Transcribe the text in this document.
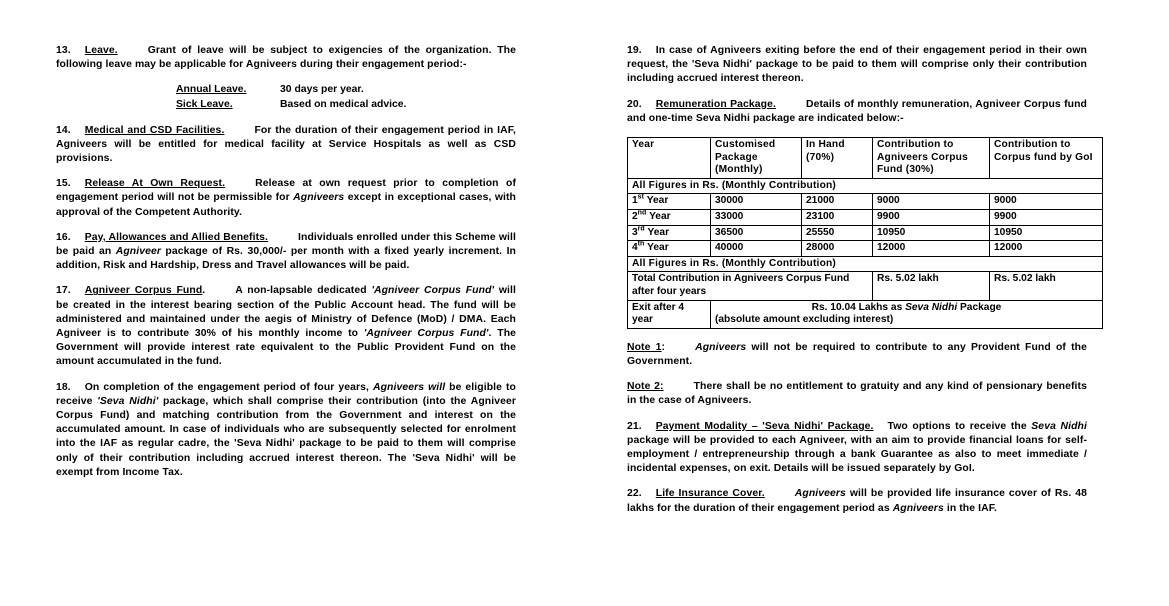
13. Leave.	Grant of leave will be subject to exigencies of the organization. The following leave may be applicable for Agniveers during their engagement period:-

Annual Leave.	30 days per year.
Sick Leave.	Based on medical advice.

14. Medical and CSD Facilities.	For the duration of their engagement period in IAF, Agniveers will be entitled for medical facility at Service Hospitals as well as CSD provisions.

15. Release At Own Request.	Release at own request prior to completion of engagement period will not be permissible for Agniveers except in exceptional cases, with approval of the Competent Authority.

16. Pay, Allowances and Allied Benefits.	Individuals enrolled under this Scheme will be paid an Agniveer package of Rs. 30,000/- per month with a fixed yearly increment. In addition, Risk and Hardship, Dress and Travel allowances will be paid.

17. Agniveer Corpus Fund.	A non-lapsable dedicated 'Agniveer Corpus Fund' will be created in the interest bearing section of the Public Account head. The fund will be administered and maintained under the aegis of Ministry of Defence (MoD) / DMA. Each Agniveer is to contribute 30% of his monthly income to 'Agniveer Corpus Fund'. The Government will provide interest rate equivalent to the Public Provident Fund on the amount accumulated in the fund.

18. On completion of the engagement period of four years, Agniveers will be eligible to receive 'Seva Nidhi' package, which shall comprise their contribution (into the Agniveer Corpus Fund) and matching contribution from the Government and interest on the accumulated amount. In case of individuals who are subsequently selected for enrolment into the IAF as regular cadre, the 'Seva Nidhi' package to be paid to them will comprise only of their contribution including accrued interest thereon. The 'Seva Nidhi' will be exempt from Income Tax.

19. In case of Agniveers exiting before the end of their engagement period in their own request, the 'Seva Nidhi' package to be paid to them will comprise only their contribution including accrued interest thereon.

20. Remuneration Package.	Details of monthly remuneration, Agniveer Corpus fund and one-time Seva Nidhi package are indicated below:-

Year	Customised Package (Monthly)	In Hand (70%)	Contribution to Agniveers Corpus Fund (30%)	Contribution to Corpus fund by GoI
All Figures in Rs. (Monthly Contribution)				
1st Year	30000	21000	9000	9000
2nd Year	33000	23100	9900	9900
3rd Year	36500	25550	10950	10950
4th Year	40000	28000	12000	12000
All Figures in Rs. (Monthly Contribution)				
Total Contribution in Agniveers Corpus Fund after four years			Rs. 5.02 lakh	Rs. 5.02 lakh
Exit after 4 year	Rs. 10.04 Lakhs as Seva Nidhi Package
(absolute amount excluding interest)			

Note 1:	Agniveers will not be required to contribute to any Provident Fund of the Government.

Note 2:	There shall be no entitlement to gratuity and any kind of pensionary benefits in the case of Agniveers.

21. Payment Modality – 'Seva Nidhi' Package. Two options to receive the Seva Nidhi package will be provided to each Agniveer, with an aim to provide financial loans for self-employment / entrepreneurship through a bank Guarantee as also to meet immediate / incidental expenses, on exit. Details will be issued separately by GoI.

22. Life Insurance Cover.	Agniveers will be provided life insurance cover of Rs. 48 lakhs for the duration of their engagement period as Agniveers in the IAF.
